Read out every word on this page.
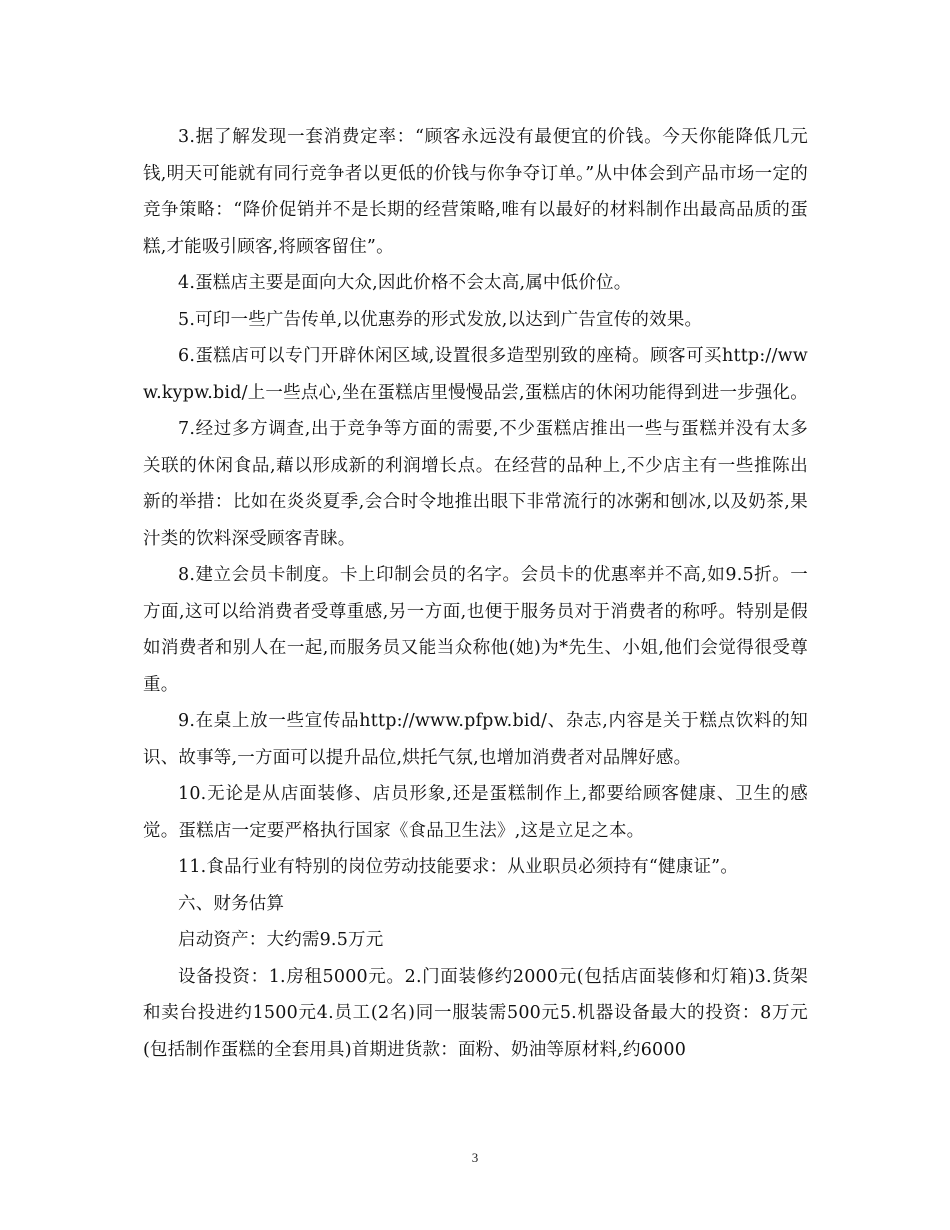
3.据了解发现一套消费定率：“顾客永远没有最便宜的价钱。今天你能降低几元钱,明天可能就有同行竞争者以更低的价钱与你争夺订单。”从中体会到产品市场一定的竞争策略：“降价促销并不是长期的经营策略,唯有以最好的材料制作出最高品质的蛋糕,才能吸引顾客,将顾客留住”。

4.蛋糕店主要是面向大众,因此价格不会太高,属中低价位。

5.可印一些广告传单,以优惠券的形式发放,以达到广告宣传的效果。

6.蛋糕店可以专门开辟休闲区域,设置很多造型别致的座椅。顾客可买http://www.kypw.bid/上一些点心,坐在蛋糕店里慢慢品尝,蛋糕店的休闲功能得到进一步强化。

7.经过多方调查,出于竞争等方面的需要,不少蛋糕店推出一些与蛋糕并没有太多关联的休闲食品,藉以形成新的利润增长点。在经营的品种上,不少店主有一些推陈出新的举措：比如在炎炎夏季,会合时令地推出眼下非常流行的冰粥和刨冰,以及奶茶,果汁类的饮料深受顾客青睐。

8.建立会员卡制度。卡上印制会员的名字。会员卡的优惠率并不高,如9.5折。一方面,这可以给消费者受尊重感,另一方面,也便于服务员对于消费者的称呼。特别是假如消费者和别人在一起,而服务员又能当众称他(她)为*先生、小姐,他们会觉得很受尊重。

9.在桌上放一些宣传品http://www.pfpw.bid/、杂志,内容是关于糕点饮料的知识、故事等,一方面可以提升品位,烘托气氛,也增加消费者对品牌好感。

10.无论是从店面装修、店员形象,还是蛋糕制作上,都要给顾客健康、卫生的感觉。蛋糕店一定要严格执行国家《食品卫生法》,这是立足之本。

11.食品行业有特别的岗位劳动技能要求：从业职员必须持有“健康证”。

六、财务估算

启动资产：大约需9.5万元

设备投资：1.房租5000元。2.门面装修约2000元(包括店面装修和灯箱)3.货架和卖台投进约1500元4.员工(2名)同一服装需500元5.机器设备最大的投资：8万元(包括制作蛋糕的全套用具)首期进货款：面粉、奶油等原材料,约6000

3
